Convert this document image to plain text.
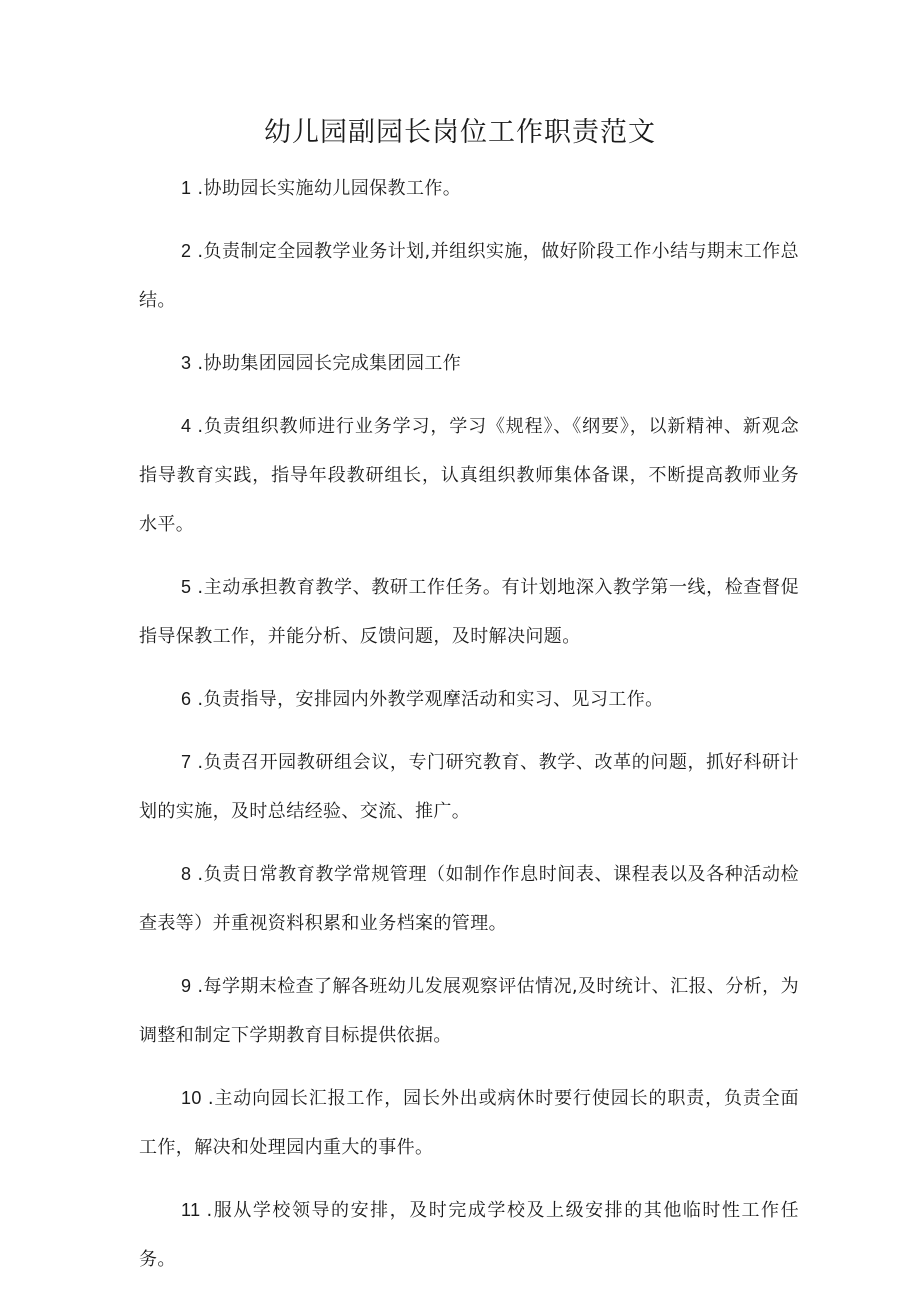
幼儿园副园长岗位工作职责范文

1 .协助园长实施幼儿园保教工作。

2 .负责制定全园教学业务计划,并组织实施，做好阶段工作小结与期末工作总结。

3 .协助集团园园长完成集团园工作

4 .负责组织教师进行业务学习，学习《规程》、《纲要》，以新精神、新观念指导教育实践，指导年段教研组长，认真组织教师集体备课，不断提高教师业务水平。

5 .主动承担教育教学、教研工作任务。有计划地深入教学第一线，检查督促指导保教工作，并能分析、反馈问题，及时解决问题。

6 .负责指导，安排园内外教学观摩活动和实习、见习工作。

7 .负责召开园教研组会议，专门研究教育、教学、改革的问题，抓好科研计划的实施，及时总结经验、交流、推广。

8 .负责日常教育教学常规管理（如制作作息时间表、课程表以及各种活动检查表等）并重视资料积累和业务档案的管理。

9 .每学期末检查了解各班幼儿发展观察评估情况,及时统计、汇报、分析，为调整和制定下学期教育目标提供依据。

10 .主动向园长汇报工作，园长外出或病休时要行使园长的职责，负责全面工作，解决和处理园内重大的事件。

11 .服从学校领导的安排，及时完成学校及上级安排的其他临时性工作任务。
